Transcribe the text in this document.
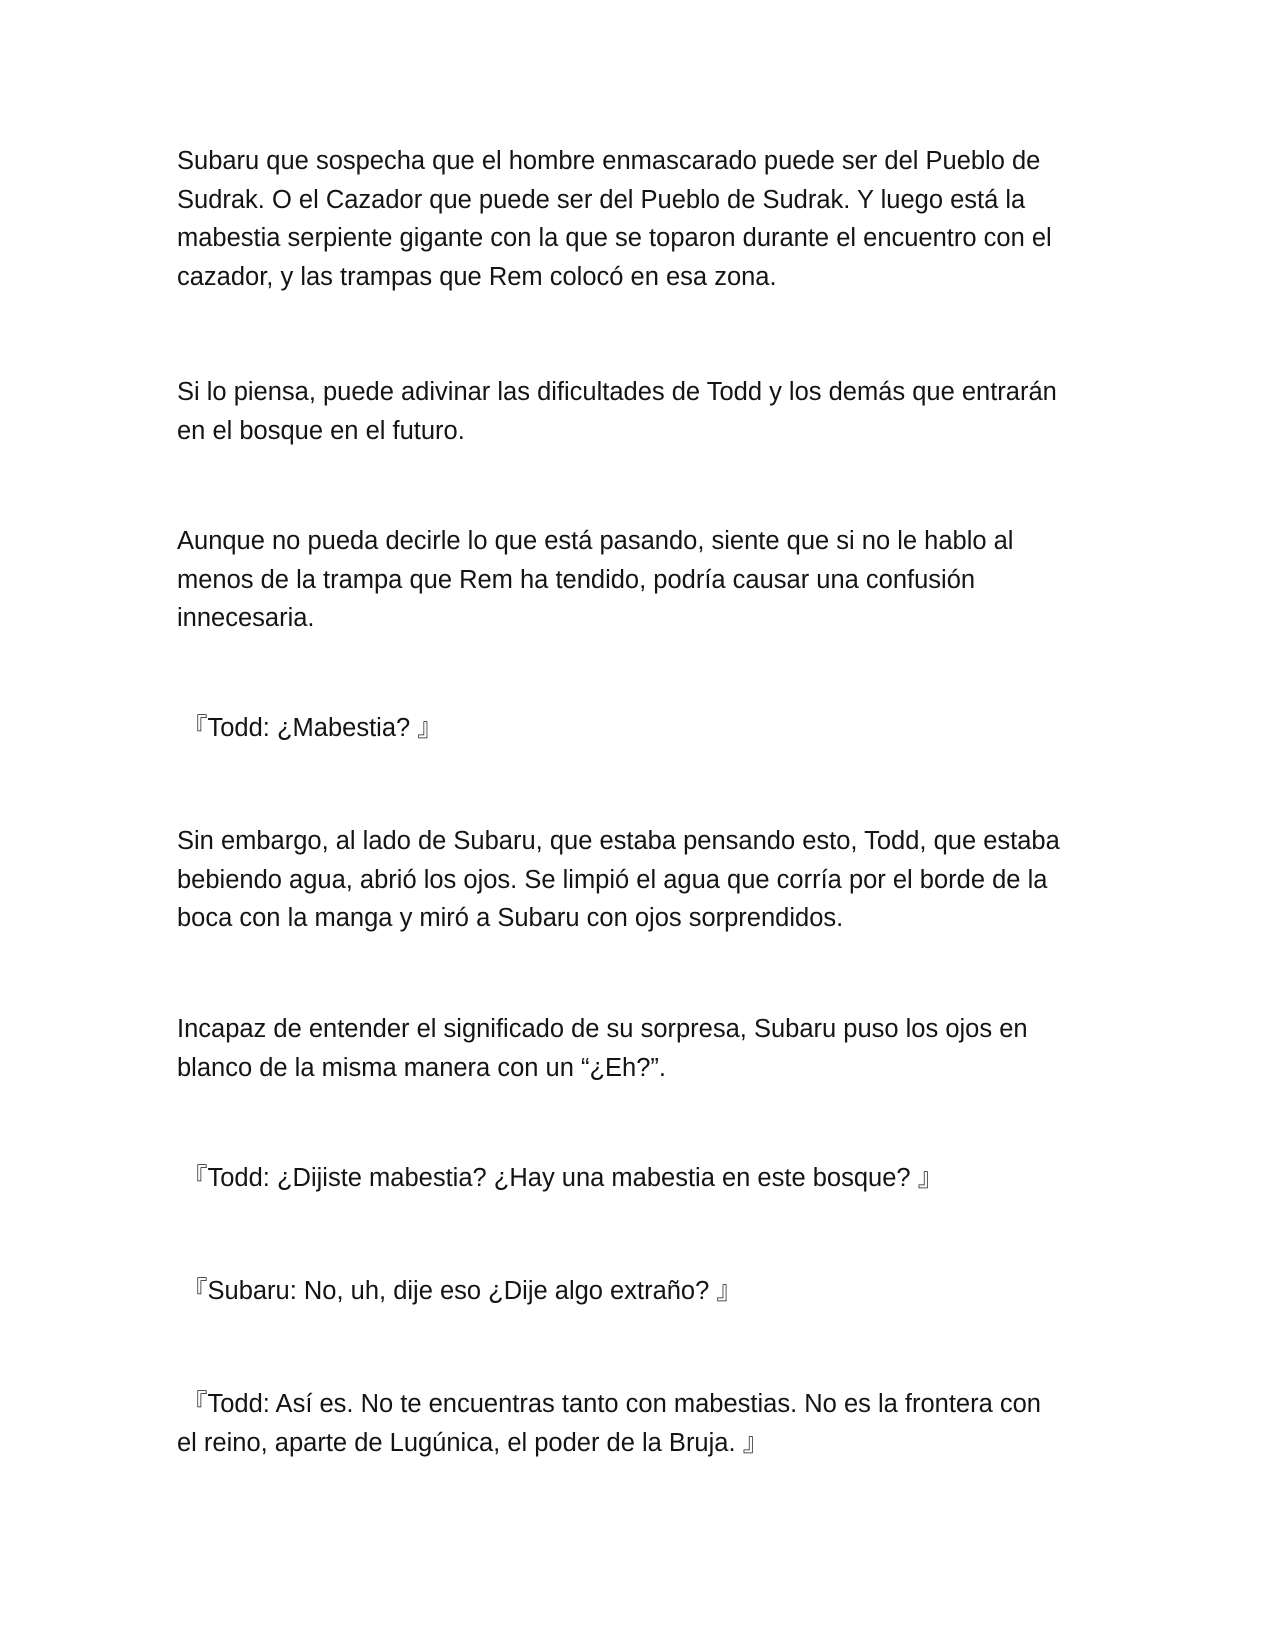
Subaru que sospecha que el hombre enmascarado puede ser del Pueblo de
Sudrak. O el Cazador que puede ser del Pueblo de Sudrak. Y luego está la
mabestia serpiente gigante con la que se toparon durante el encuentro con el
cazador, y las trampas que Rem colocó en esa zona.

Si lo piensa, puede adivinar las dificultades de Todd y los demás que entrarán
en el bosque en el futuro.

Aunque no pueda decirle lo que está pasando, siente que si no le hablo al
menos de la trampa que Rem ha tendido, podría causar una confusión
innecesaria.

『Todd: ¿Mabestia? 』

Sin embargo, al lado de Subaru, que estaba pensando esto, Todd, que estaba
bebiendo agua, abrió los ojos. Se limpió el agua que corría por el borde de la
boca con la manga y miró a Subaru con ojos sorprendidos.

Incapaz de entender el significado de su sorpresa, Subaru puso los ojos en
blanco de la misma manera con un “¿Eh?”.

『Todd: ¿Dijiste mabestia? ¿Hay una mabestia en este bosque? 』

『Subaru: No, uh, dije eso ¿Dije algo extraño? 』

『Todd: Así es. No te encuentras tanto con mabestias. No es la frontera con
el reino, aparte de Lugúnica, el poder de la Bruja. 』
